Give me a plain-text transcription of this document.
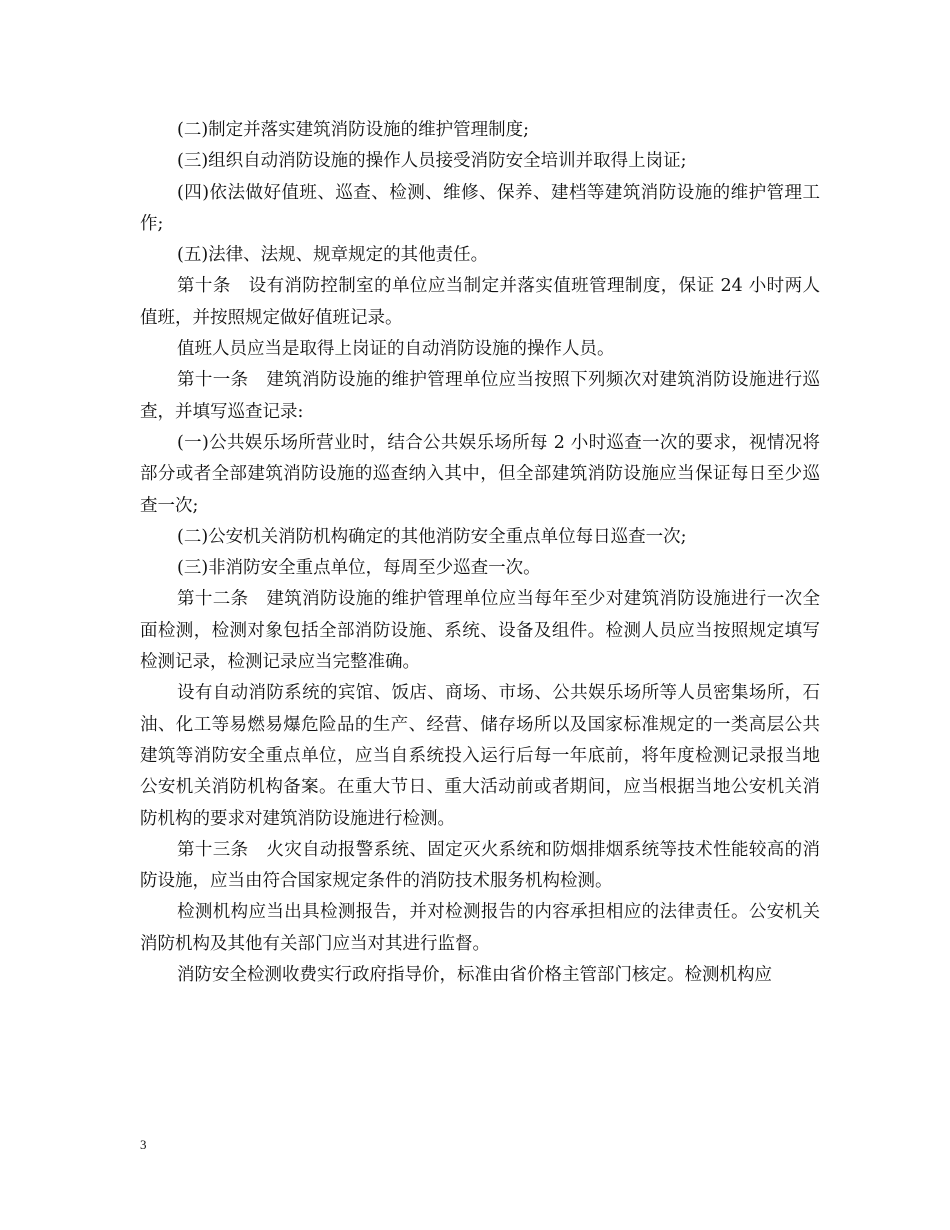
(二)制定并落实建筑消防设施的维护管理制度;

(三)组织自动消防设施的操作人员接受消防安全培训并取得上岗证;

(四)依法做好值班、巡查、检测、维修、保养、建档等建筑消防设施的维护管理工作;

(五)法律、法规、规章规定的其他责任。

第十条　设有消防控制室的单位应当制定并落实值班管理制度，保证 24 小时两人值班，并按照规定做好值班记录。

值班人员应当是取得上岗证的自动消防设施的操作人员。

第十一条　建筑消防设施的维护管理单位应当按照下列频次对建筑消防设施进行巡查，并填写巡查记录:

(一)公共娱乐场所营业时，结合公共娱乐场所每 2 小时巡查一次的要求，视情况将部分或者全部建筑消防设施的巡查纳入其中，但全部建筑消防设施应当保证每日至少巡查一次;

(二)公安机关消防机构确定的其他消防安全重点单位每日巡查一次;

(三)非消防安全重点单位，每周至少巡查一次。

第十二条　建筑消防设施的维护管理单位应当每年至少对建筑消防设施进行一次全面检测，检测对象包括全部消防设施、系统、设备及组件。检测人员应当按照规定填写检测记录，检测记录应当完整准确。

设有自动消防系统的宾馆、饭店、商场、市场、公共娱乐场所等人员密集场所，石油、化工等易燃易爆危险品的生产、经营、储存场所以及国家标准规定的一类高层公共建筑等消防安全重点单位，应当自系统投入运行后每一年底前，将年度检测记录报当地公安机关消防机构备案。在重大节日、重大活动前或者期间，应当根据当地公安机关消防机构的要求对建筑消防设施进行检测。

第十三条　火灾自动报警系统、固定灭火系统和防烟排烟系统等技术性能较高的消防设施，应当由符合国家规定条件的消防技术服务机构检测。

检测机构应当出具检测报告，并对检测报告的内容承担相应的法律责任。公安机关消防机构及其他有关部门应当对其进行监督。

消防安全检测收费实行政府指导价，标准由省价格主管部门核定。检测机构应

3
